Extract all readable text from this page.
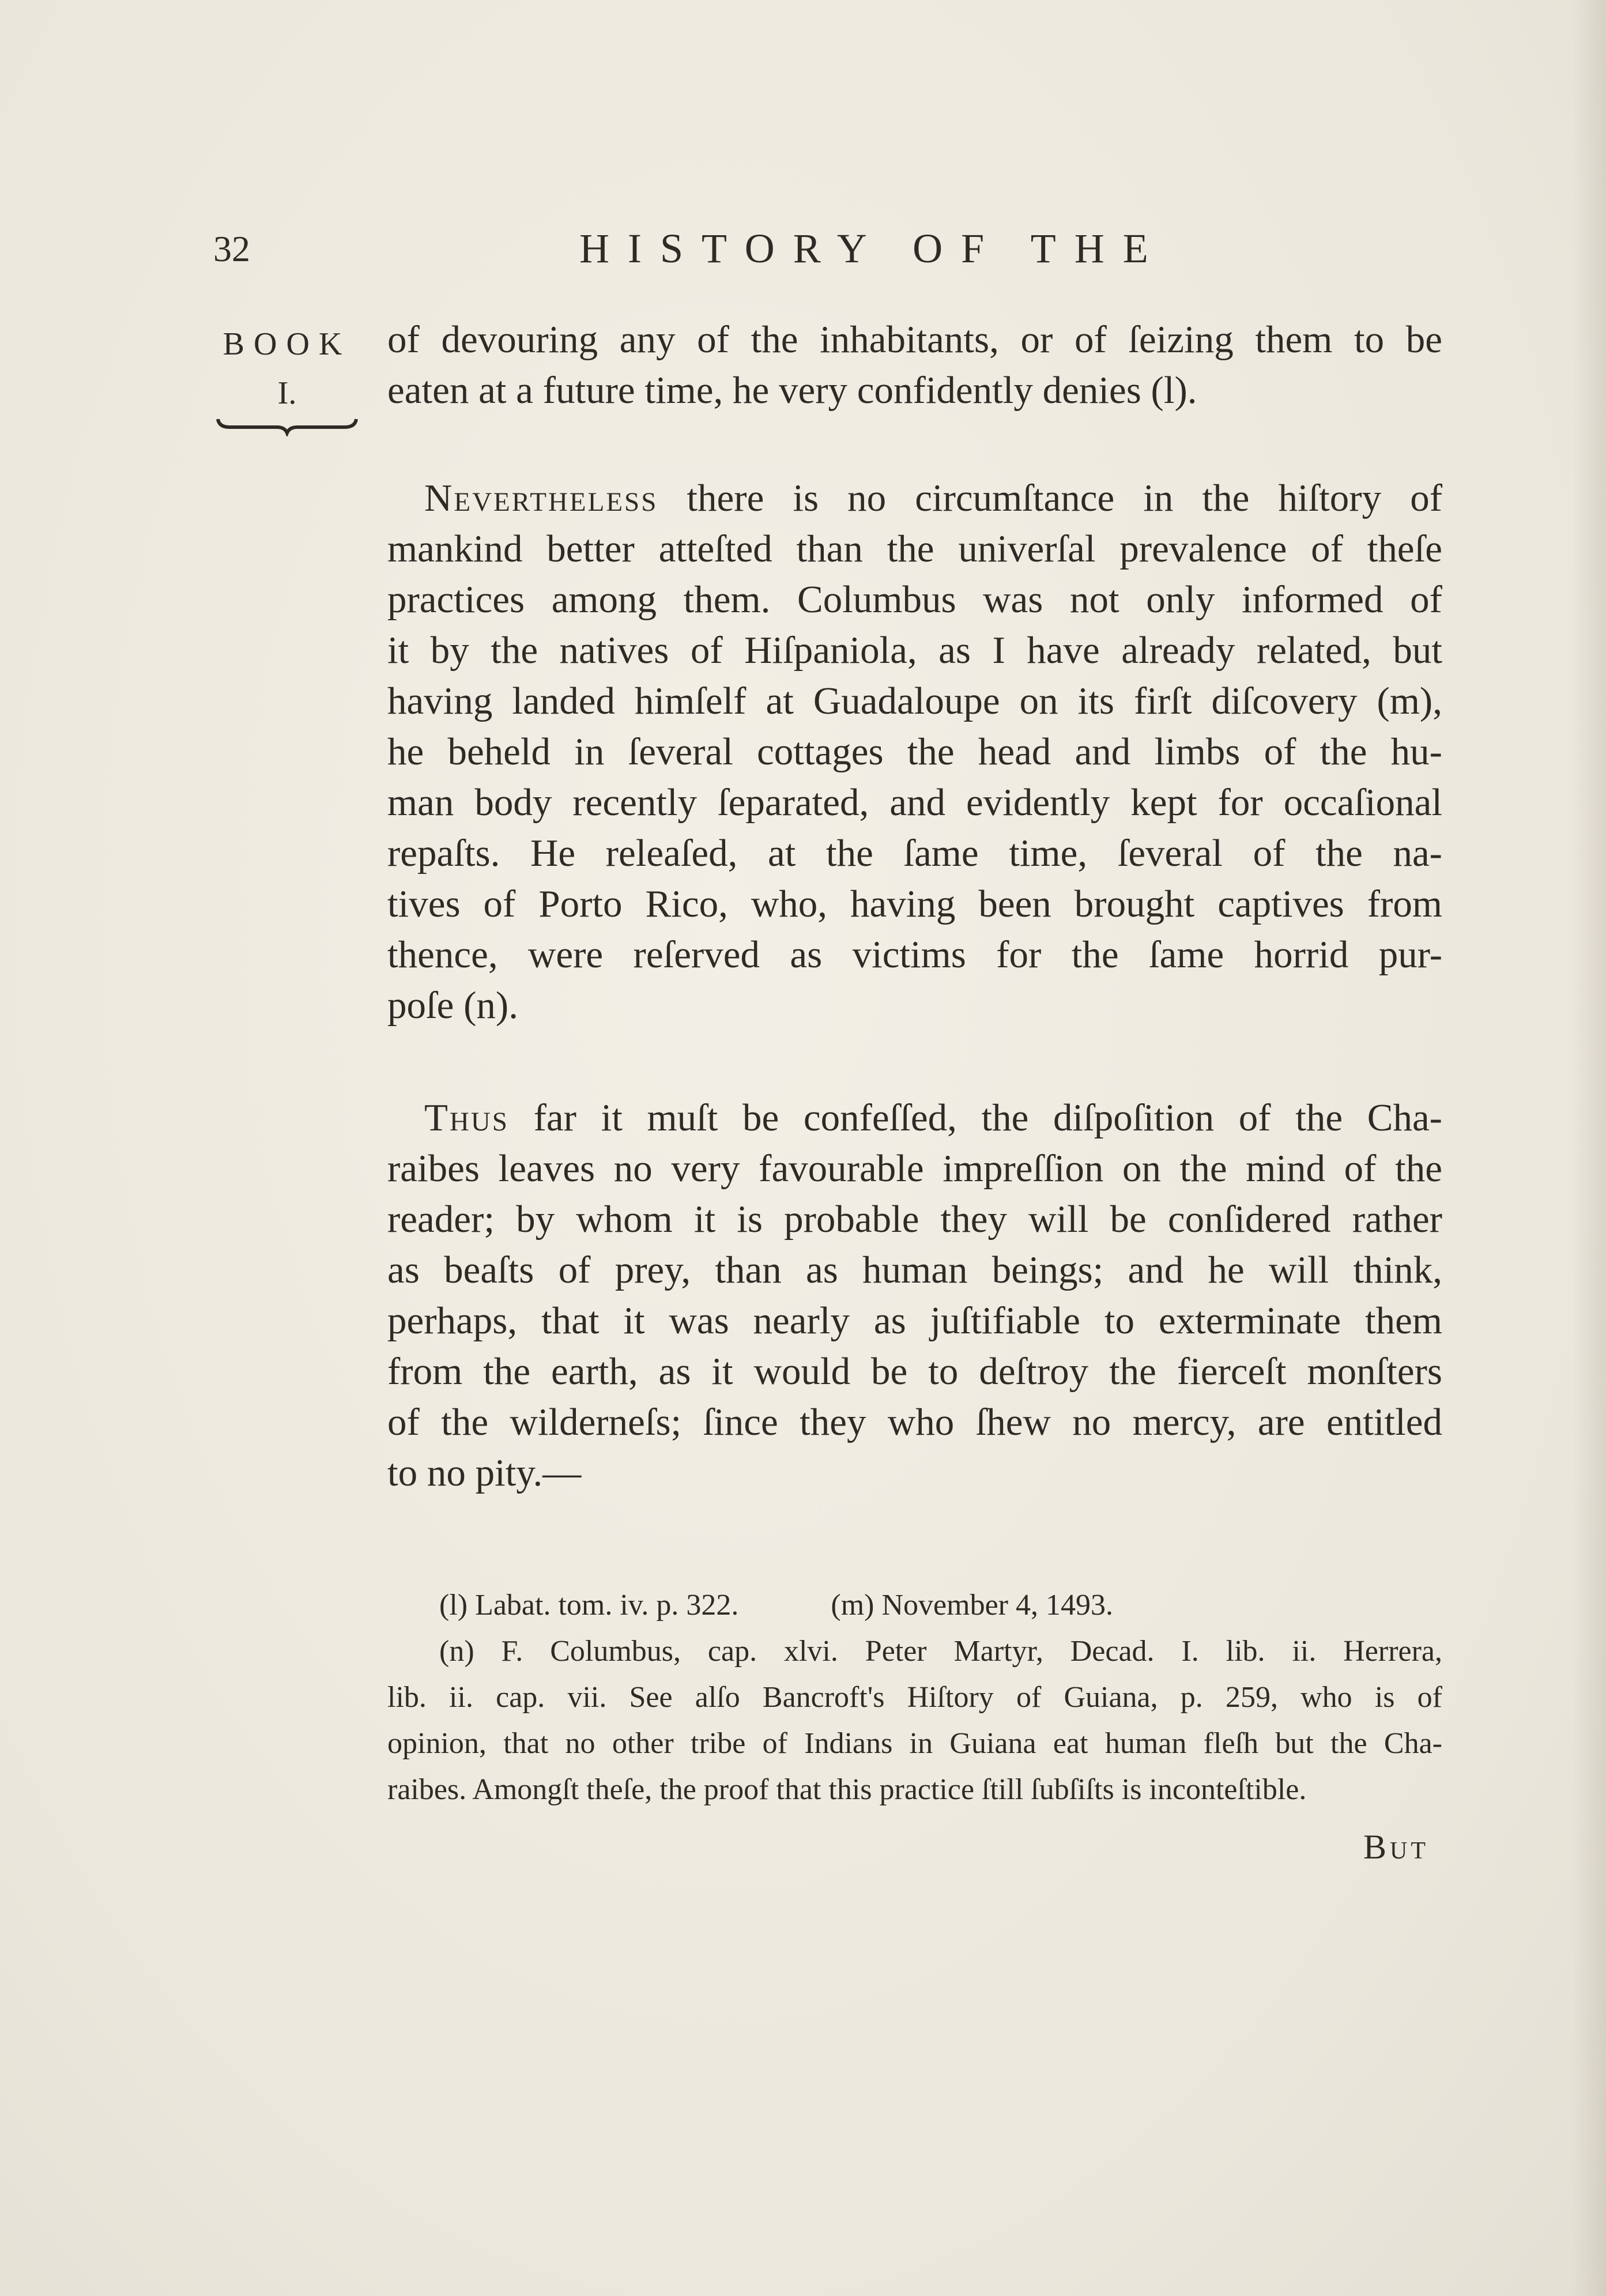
32	HISTORY OF THE
BOOK
I.
of devouring any of the inhabitants, or of ſeizing them to be
eaten at a future time, he very confidently denies (l).
Nevertheless there is no circumſtance in the hiſtory of
mankind better atteſted than the univerſal prevalence of theſe
practices among them. Columbus was not only informed of
it by the natives of Hiſpaniola, as I have already related, but
having landed himſelf at Guadaloupe on its firſt diſcovery (m),
he beheld in ſeveral cottages the head and limbs of the hu-
man body recently ſeparated, and evidently kept for occaſional
repaſts. He releaſed, at the ſame time, ſeveral of the na-
tives of Porto Rico, who, having been brought captives from
thence, were reſerved as victims for the ſame horrid pur-
poſe (n).
Thus far it muſt be confeſſed, the diſpoſition of the Cha-
raibes leaves no very favourable impreſſion on the mind of the
reader; by whom it is probable they will be conſidered rather
as beaſts of prey, than as human beings; and he will think,
perhaps, that it was nearly as juſtifiable to exterminate them
from the earth, as it would be to deſtroy the fierceſt monſters
of the wilderneſs; ſince they who ſhew no mercy, are entitled
to no pity.—
(l) Labat. tom. iv. p. 322.	(m) November 4, 1493.
(n) F. Columbus, cap. xlvi. Peter Martyr, Decad. I. lib. ii. Herrera,
lib. ii. cap. vii. See alſo Bancroft's Hiſtory of Guiana, p. 259, who is of
opinion, that no other tribe of Indians in Guiana eat human fleſh but the Cha-
raibes. Amongſt theſe, the proof that this practice ſtill ſubſiſts is inconteſtible.
But
